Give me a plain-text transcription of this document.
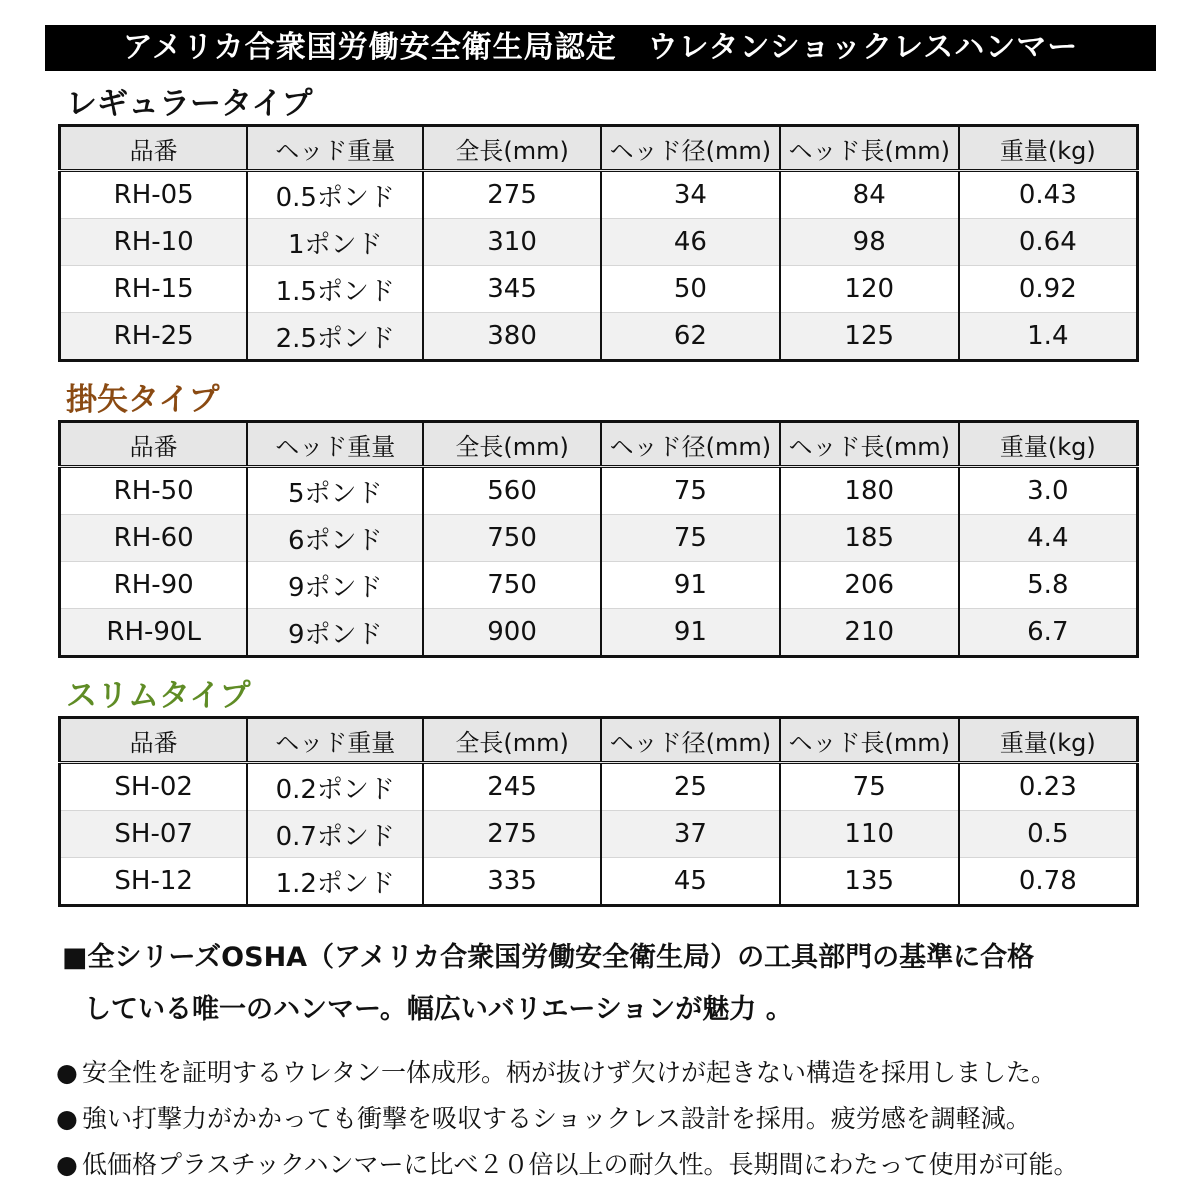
アメリカ合衆国労働安全衛生局認定　ウレタンショックレスハンマー
レギュラータイプ
品番	ヘッド重量	全長(mm)	ヘッド径(mm)	ヘッド長(mm)	重量(kg)
RH-05	0.5ポンド	275	34	84	0.43
RH-10	1ポンド	310	46	98	0.64
RH-15	1.5ポンド	345	50	120	0.92
RH-25	2.5ポンド	380	62	125	1.4
掛矢タイプ
品番	ヘッド重量	全長(mm)	ヘッド径(mm)	ヘッド長(mm)	重量(kg)
RH-50	5ポンド	560	75	180	3.0
RH-60	6ポンド	750	75	185	4.4
RH-90	9ポンド	750	91	206	5.8
RH-90L	9ポンド	900	91	210	6.7
スリムタイプ
品番	ヘッド重量	全長(mm)	ヘッド径(mm)	ヘッド長(mm)	重量(kg)
SH-02	0.2ポンド	245	25	75	0.23
SH-07	0.7ポンド	275	37	110	0.5
SH-12	1.2ポンド	335	45	135	0.78
■全シリーズOSHA（アメリカ合衆国労働安全衛生局）の工具部門の基準に合格
している唯一のハンマー。幅広いバリエーションが魅力 。
● 安全性を証明するウレタン一体成形。柄が抜けず欠けが起きない構造を採用しました。
● 強い打撃力がかかっても衝撃を吸収するショックレス設計を採用。疲労感を調軽減。
● 低価格プラスチックハンマーに比べ２０倍以上の耐久性。長期間にわたって使用が可能。
